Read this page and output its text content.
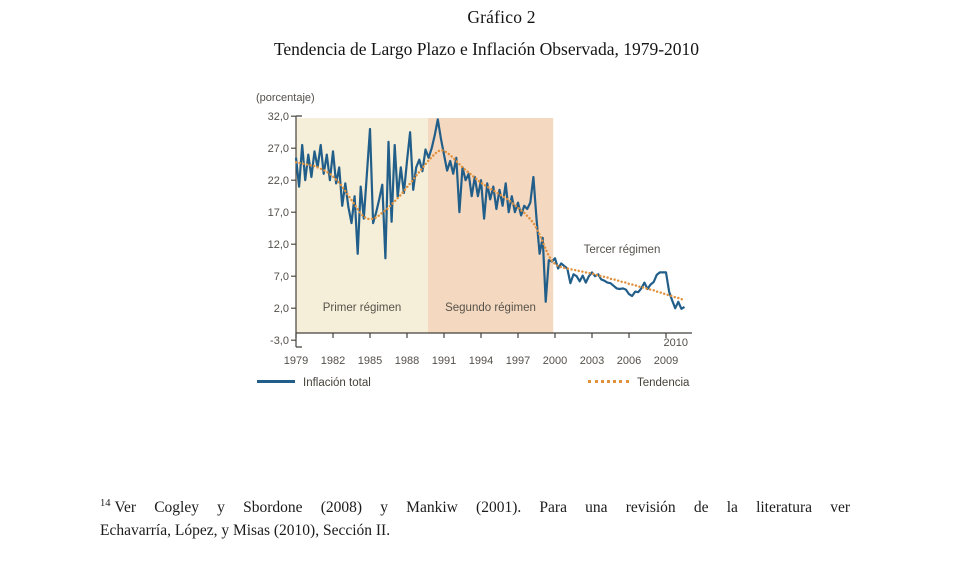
Gráfico 2
Tendencia de Largo Plazo e Inflación Observada, 1979-2010
(porcentaje)
32,0
27,0
22,0
17,0
12,0
7,0
2,0
-3,0
1979 1982 1985 1988 1991 1994 1997 2000 2003 2006 2009
2010
Primer régimen	Segundo régimen
Tercer régimen
Inflación total	Tendencia
$^{14}$ Ver Cogley y Sbordone (2008) y Mankiw (2001). Para una revisión de la literatura ver
Echavarría, López, y Misas (2010), Sección II.
